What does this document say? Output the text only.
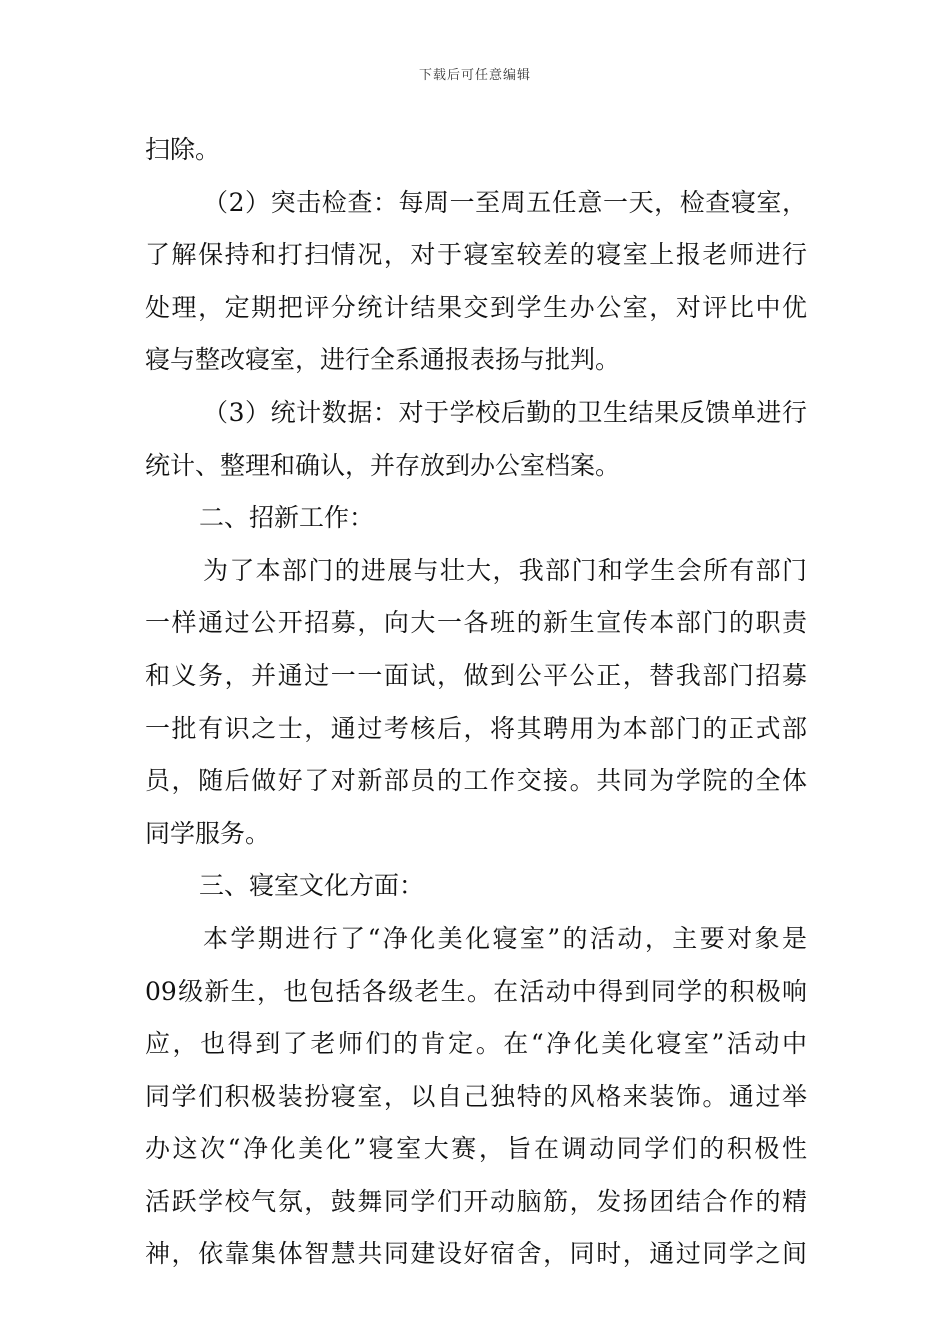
下载后可任意编辑
扫除。
（2）突击检查：每周一至周五任意一天，检查寝室，
了解保持和打扫情况，对于寝室较差的寝室上报老师进行
处理，定期把评分统计结果交到学生办公室，对评比中优
寝与整改寝室，进行全系通报表扬与批判。
（3）统计数据：对于学校后勤的卫生结果反馈单进行
统计、整理和确认，并存放到办公室档案。
二、招新工作：
为了本部门的进展与壮大，我部门和学生会所有部门
一样通过公开招募，向大一各班的新生宣传本部门的职责
和义务，并通过一一面试，做到公平公正，替我部门招募
一批有识之士，通过考核后，将其聘用为本部门的正式部
员，随后做好了对新部员的工作交接。共同为学院的全体
同学服务。
三、寝室文化方面：
本学期进行了“净化美化寝室”的活动，主要对象是
09级新生，也包括各级老生。在活动中得到同学的积极响
应，也得到了老师们的肯定。在“净化美化寝室”活动中
同学们积极装扮寝室，以自己独特的风格来装饰。通过举
办这次“净化美化”寝室大赛，旨在调动同学们的积极性
活跃学校气氛，鼓舞同学们开动脑筋，发扬团结合作的精
神，依靠集体智慧共同建设好宿舍，同时，通过同学之间
